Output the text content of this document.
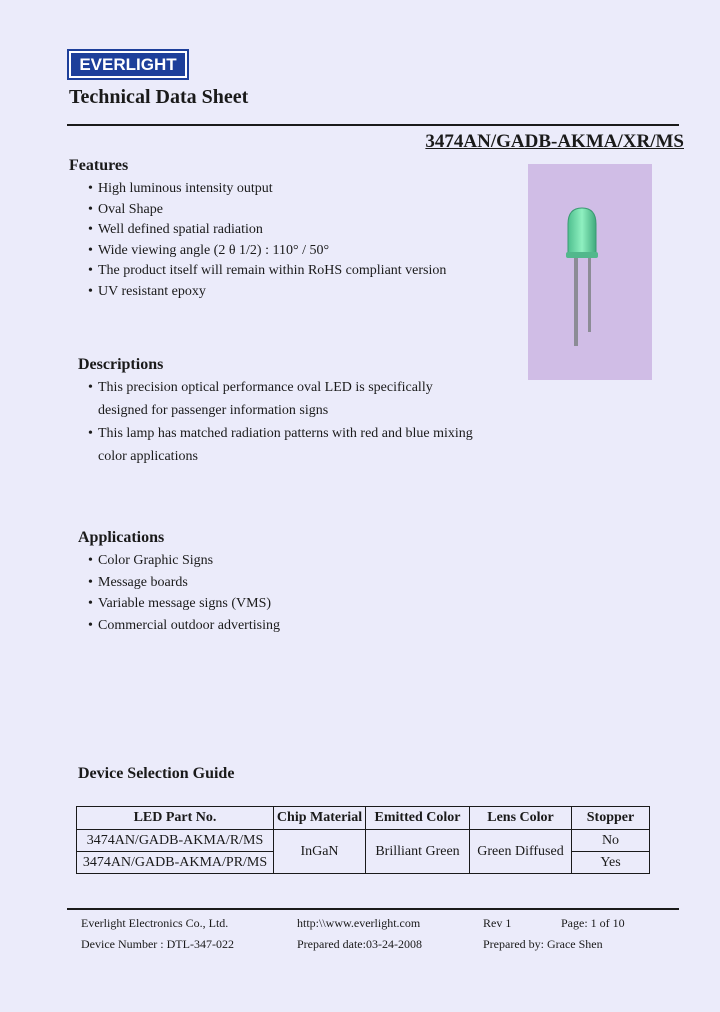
EVERLIGHT
Technical Data Sheet
3474AN/GADB-AKMA/XR/MS
Features
• High luminous intensity output
• Oval Shape
• Well defined spatial radiation
• Wide viewing angle (2 θ 1/2) : 110° / 50°
• The product itself will remain within RoHS compliant version
• UV resistant epoxy
Descriptions
• This precision optical performance oval LED is specifically designed for passenger information signs
• This lamp has matched radiation patterns with red and blue mixing color applications
Applications
• Color Graphic Signs
• Message boards
• Variable message signs (VMS)
• Commercial outdoor advertising
Device Selection Guide
LED Part No.	Chip Material	Emitted Color	Lens Color	Stopper
3474AN/GADB-AKMA/R/MS	InGaN	Brilliant Green	Green Diffused	No
3474AN/GADB-AKMA/PR/MS				Yes
Everlight Electronics Co., Ltd.	http:\\www.everlight.com	Rev 1	Page: 1 of 10
Device Number : DTL-347-022	Prepared date:03-24-2008	Prepared by: Grace Shen
